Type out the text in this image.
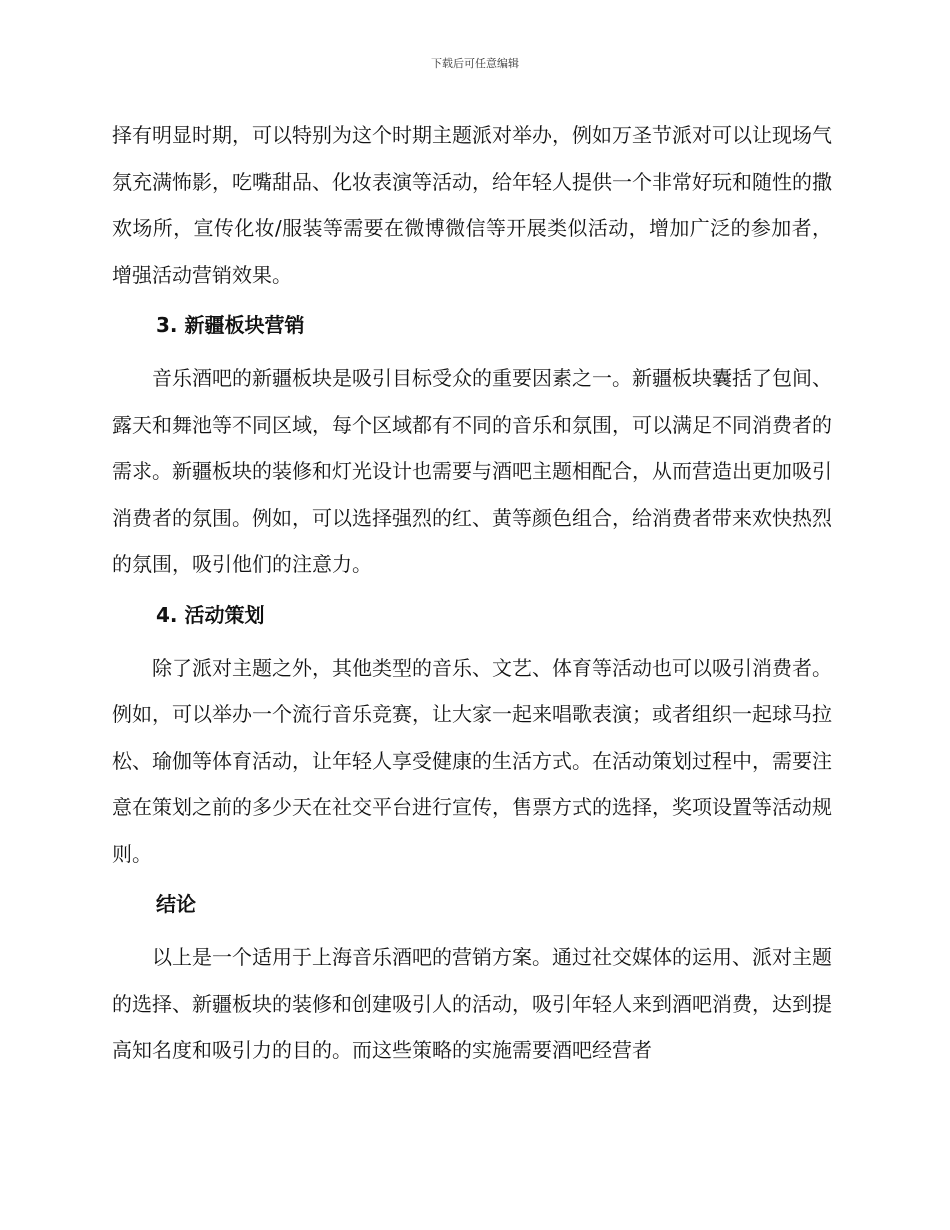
下载后可任意编辑

择有明显时期，可以特别为这个时期主题派对举办，例如万圣节派对可以让现场气氛充满怖影，吃嘴甜品、化妆表演等活动，给年轻人提供一个非常好玩和随性的撒欢场所，宣传化妆/服装等需要在微博微信等开展类似活动，增加广泛的参加者，增强活动营销效果。

3. 新疆板块营销

音乐酒吧的新疆板块是吸引目标受众的重要因素之一。新疆板块囊括了包间、露天和舞池等不同区域，每个区域都有不同的音乐和氛围，可以满足不同消费者的需求。新疆板块的装修和灯光设计也需要与酒吧主题相配合，从而营造出更加吸引消费者的氛围。例如，可以选择强烈的红、黄等颜色组合，给消费者带来欢快热烈的氛围，吸引他们的注意力。

4. 活动策划

除了派对主题之外，其他类型的音乐、文艺、体育等活动也可以吸引消费者。例如，可以举办一个流行音乐竞赛，让大家一起来唱歌表演；或者组织一起球马拉松、瑜伽等体育活动，让年轻人享受健康的生活方式。在活动策划过程中，需要注意在策划之前的多少天在社交平台进行宣传，售票方式的选择，奖项设置等活动规则。

结论

以上是一个适用于上海音乐酒吧的营销方案。通过社交媒体的运用、派对主题的选择、新疆板块的装修和创建吸引人的活动，吸引年轻人来到酒吧消费，达到提高知名度和吸引力的目的。而这些策略的实施需要酒吧经营者
